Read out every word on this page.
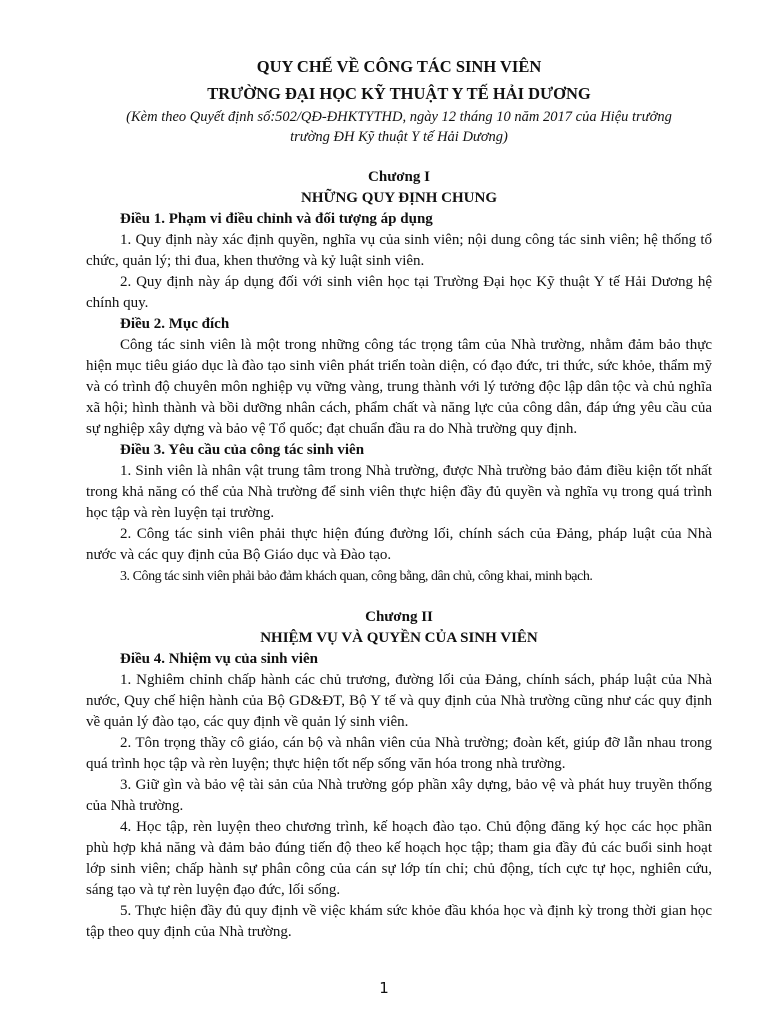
QUY CHẾ VỀ CÔNG TÁC SINH VIÊN

TRƯỜNG ĐẠI HỌC KỸ THUẬT Y TẾ HẢI DƯƠNG

(Kèm theo Quyết định số:502/QĐ-ĐHKTYTHD, ngày 12 tháng 10 năm 2017 của Hiệu trưởng
trường ĐH Kỹ thuật Y tế Hải Dương)

Chương I

NHỮNG QUY ĐỊNH CHUNG

Điều 1. Phạm vi điều chỉnh và đối tượng áp dụng

1. Quy định này xác định quyền, nghĩa vụ của sinh viên; nội dung công tác sinh viên; hệ thống tổ chức, quản lý; thi đua, khen thưởng và kỷ luật sinh viên.

2. Quy định này áp dụng đối với sinh viên học tại Trường Đại học Kỹ thuật Y tế Hải Dương hệ chính quy.

Điều 2. Mục đích

Công tác sinh viên là một trong những công tác trọng tâm của Nhà trường, nhằm đảm bảo thực hiện mục tiêu giáo dục là đào tạo sinh viên phát triển toàn diện, có đạo đức, tri thức, sức khỏe, thẩm mỹ và có trình độ chuyên môn nghiệp vụ vững vàng, trung thành với lý tưởng độc lập dân tộc và chủ nghĩa xã hội; hình thành và bồi dưỡng nhân cách, phẩm chất và năng lực của công dân, đáp ứng yêu cầu của sự nghiệp xây dựng và bảo vệ Tổ quốc; đạt chuẩn đầu ra do Nhà trường quy định.

Điều 3. Yêu cầu của công tác sinh viên

1. Sinh viên là nhân vật trung tâm trong Nhà trường, được Nhà trường bảo đảm điều kiện tốt nhất trong khả năng có thể của Nhà trường để sinh viên thực hiện đầy đủ quyền và nghĩa vụ trong quá trình học tập và rèn luyện tại trường.

2. Công tác sinh viên phải thực hiện đúng đường lối, chính sách của Đảng, pháp luật của Nhà nước và các quy định của Bộ Giáo dục và Đào tạo.

3. Công tác sinh viên phải bảo đảm khách quan, công bằng, dân chủ, công khai, minh bạch.

Chương II

NHIỆM VỤ VÀ QUYỀN CỦA SINH VIÊN

Điều 4. Nhiệm vụ của sinh viên

1. Nghiêm chỉnh chấp hành các chủ trương, đường lối của Đảng, chính sách, pháp luật của Nhà nước, Quy chế hiện hành của Bộ GD&ĐT, Bộ Y tế và quy định của Nhà trường cũng như các quy định về quản lý đào tạo, các quy định về quản lý sinh viên.

2. Tôn trọng thầy cô giáo, cán bộ và nhân viên của Nhà trường; đoàn kết, giúp đỡ lẫn nhau trong quá trình học tập và rèn luyện; thực hiện tốt nếp sống văn hóa trong nhà trường.

3. Giữ gìn và bảo vệ tài sản của Nhà trường góp phần xây dựng, bảo vệ và phát huy truyền thống của Nhà trường.

4. Học tập, rèn luyện theo chương trình, kế hoạch đào tạo. Chủ động đăng ký học các học phần phù hợp khả năng và đảm bảo đúng tiến độ theo kế hoạch học tập; tham gia đầy đủ các buổi sinh hoạt lớp sinh viên; chấp hành sự phân công của cán sự lớp tín chỉ; chủ động, tích cực tự học, nghiên cứu, sáng tạo và tự rèn luyện đạo đức, lối sống.

5. Thực hiện đầy đủ quy định về việc khám sức khỏe đầu khóa học và định kỳ trong thời gian học tập theo quy định của Nhà trường.

1
